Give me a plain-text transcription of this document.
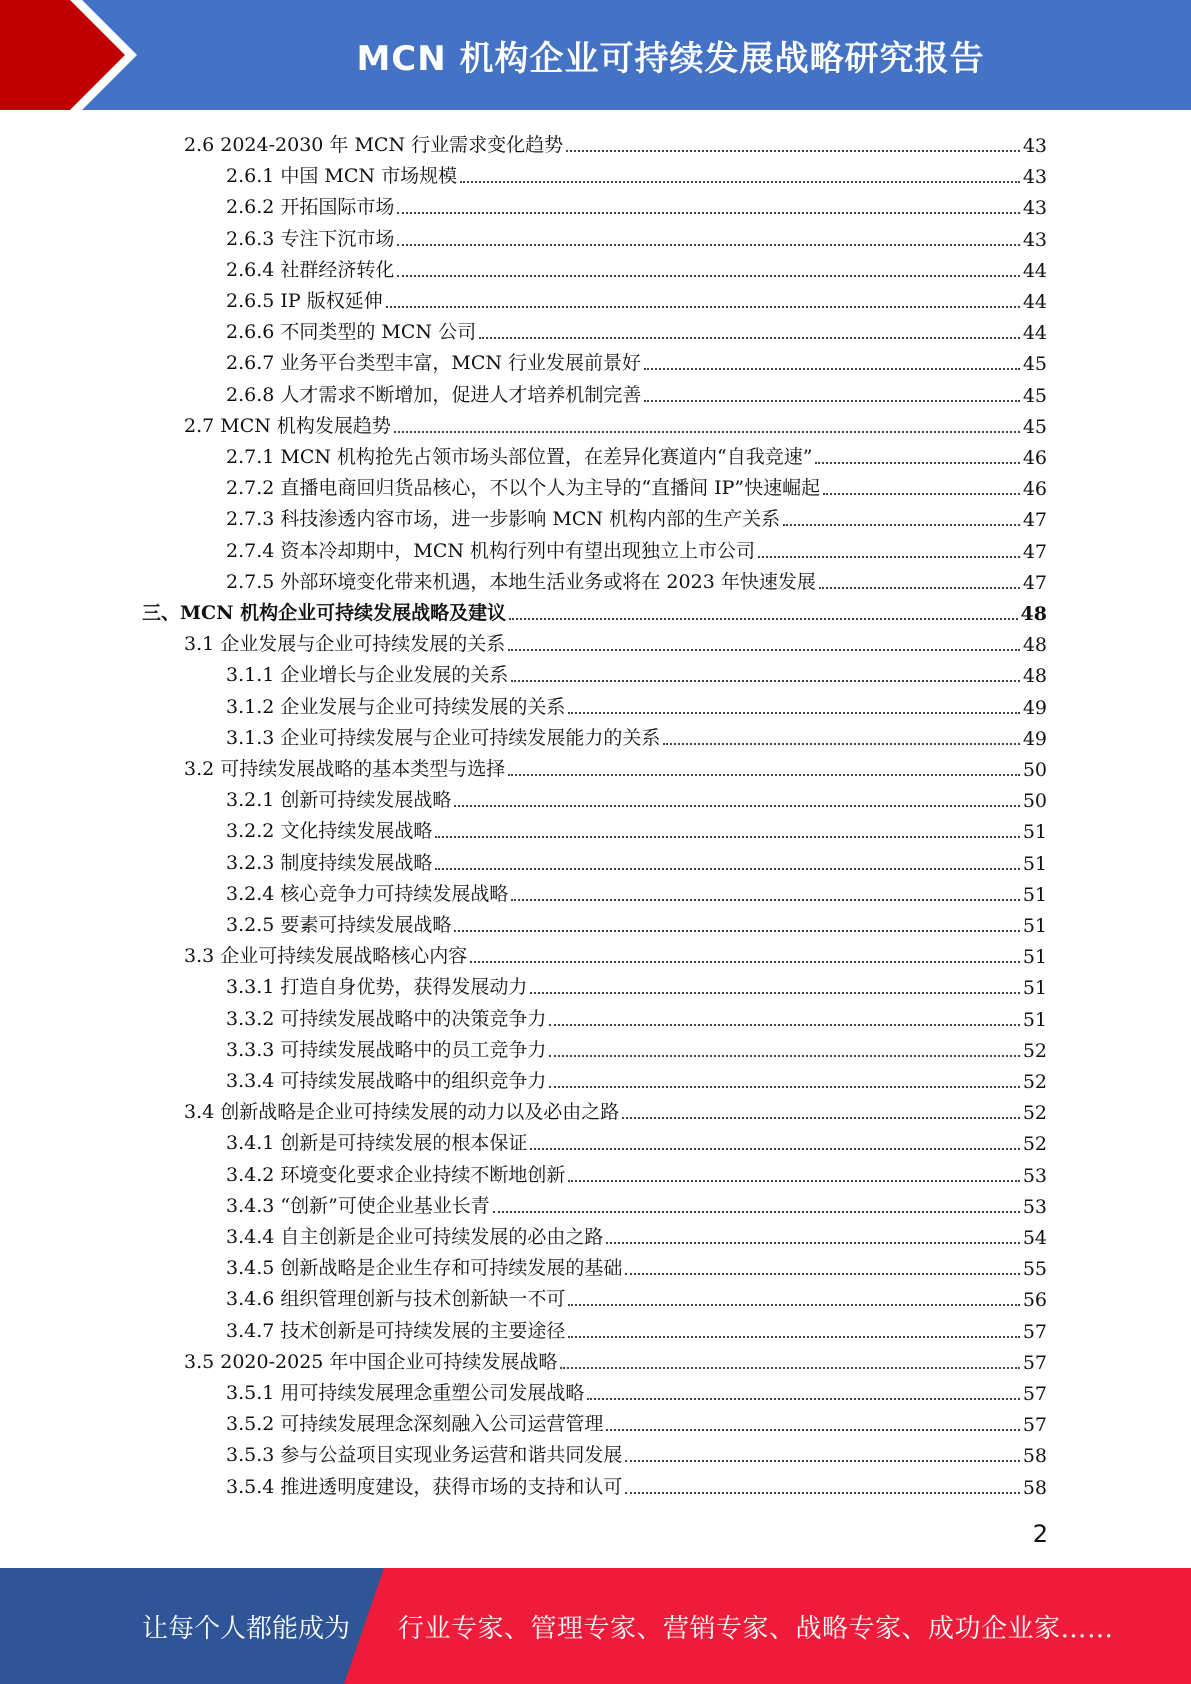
MCN 机构企业可持续发展战略研究报告
2.6 2024-2030 年 MCN 行业需求变化趋势	43
2.6.1 中国 MCN 市场规模	43
2.6.2 开拓国际市场	43
2.6.3 专注下沉市场	43
2.6.4 社群经济转化	44
2.6.5 IP 版权延伸	44
2.6.6 不同类型的 MCN 公司	44
2.6.7 业务平台类型丰富，MCN 行业发展前景好	45
2.6.8 人才需求不断增加，促进人才培养机制完善	45
2.7 MCN 机构发展趋势	45
2.7.1 MCN 机构抢先占领市场头部位置，在差异化赛道内“自我竞速”	46
2.7.2 直播电商回归货品核心，不以个人为主导的“直播间 IP”快速崛起	46
2.7.3 科技渗透内容市场，进一步影响 MCN 机构内部的生产关系	47
2.7.4 资本冷却期中，MCN 机构行列中有望出现独立上市公司	47
2.7.5 外部环境变化带来机遇，本地生活业务或将在 2023 年快速发展	47
三、MCN 机构企业可持续发展战略及建议	48
3.1 企业发展与企业可持续发展的关系	48
3.1.1 企业增长与企业发展的关系	48
3.1.2 企业发展与企业可持续发展的关系	49
3.1.3 企业可持续发展与企业可持续发展能力的关系	49
3.2 可持续发展战略的基本类型与选择	50
3.2.1 创新可持续发展战略	50
3.2.2 文化持续发展战略	51
3.2.3 制度持续发展战略	51
3.2.4 核心竞争力可持续发展战略	51
3.2.5 要素可持续发展战略	51
3.3 企业可持续发展战略核心内容	51
3.3.1 打造自身优势，获得发展动力	51
3.3.2 可持续发展战略中的决策竞争力	51
3.3.3 可持续发展战略中的员工竞争力	52
3.3.4 可持续发展战略中的组织竞争力	52
3.4 创新战略是企业可持续发展的动力以及必由之路	52
3.4.1 创新是可持续发展的根本保证	52
3.4.2 环境变化要求企业持续不断地创新	53
3.4.3 “创新”可使企业基业长青	53
3.4.4 自主创新是企业可持续发展的必由之路	54
3.4.5 创新战略是企业生存和可持续发展的基础	55
3.4.6 组织管理创新与技术创新缺一不可	56
3.4.7 技术创新是可持续发展的主要途径	57
3.5 2020-2025 年中国企业可持续发展战略	57
3.5.1 用可持续发展理念重塑公司发展战略	57
3.5.2 可持续发展理念深刻融入公司运营管理	57
3.5.3 参与公益项目实现业务运营和谐共同发展	58
3.5.4 推进透明度建设，获得市场的支持和认可	58
2
让每个人都能成为 行业专家、管理专家、营销专家、战略专家、成功企业家……
